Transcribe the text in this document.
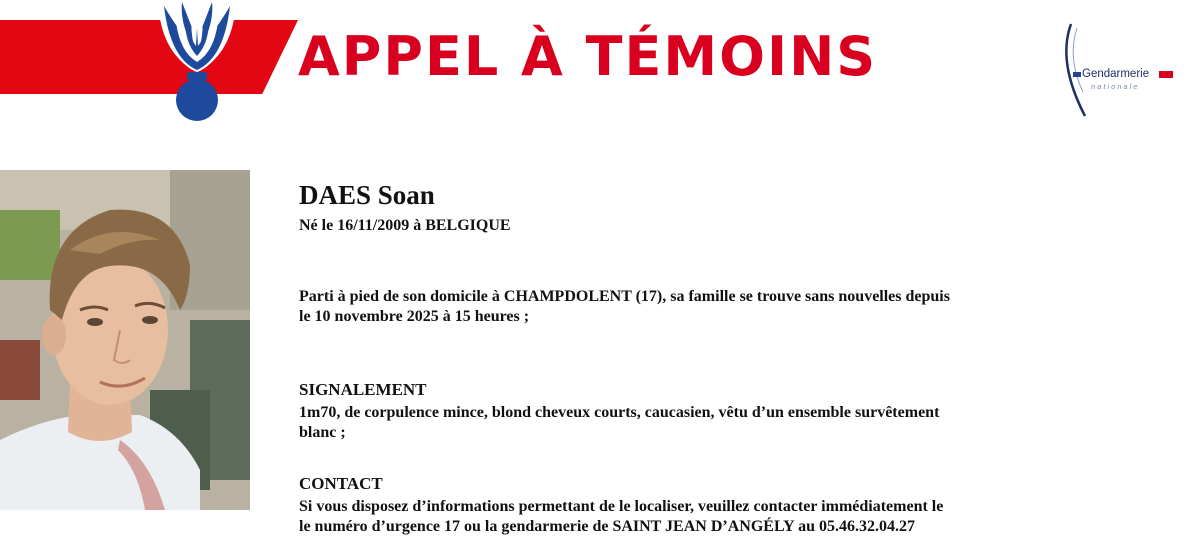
APPEL À TÉMOINS	Gendarmerie
nationale
DAES Soan
Né le 16/11/2009 à BELGIQUE
Parti à pied de son domicile à CHAMPDOLENT (17), sa famille se trouve sans nouvelles depuis
le 10 novembre 2025 à 15 heures ;
SIGNALEMENT
1m70, de corpulence mince, blond cheveux courts, caucasien, vêtu d’un ensemble survêtement
blanc ;
CONTACT
Si vous disposez d’informations permettant de le localiser, veuillez contacter immédiatement le
le numéro d’urgence 17 ou la gendarmerie de SAINT JEAN D’ANGÉLY au 05.46.32.04.27
